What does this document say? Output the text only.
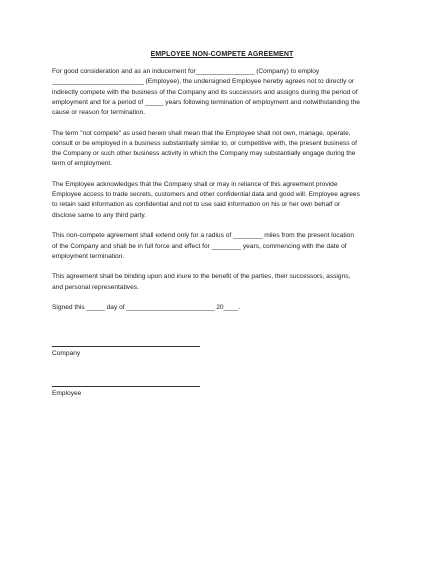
EMPLOYEE NON-COMPETE AGREEMENT

For good consideration and as an inducement for________________ (Company) to employ
_________________________ (Employee), the undersigned Employee hereby agrees not to directly or
indirectly compete with the business of the Company and its successors and assigns during the period of
employment and for a period of _____ years following termination of employment and notwithstanding the
cause or reason for termination.

The term "not compete" as used herein shall mean that the Employee shall not own, manage, operate,
consult or be employed in a business substantially similar to, or competitive with, the present business of
the Company or such other business activity in which the Company may substantially engage during the
term of employment.

The Employee acknowledges that the Company shall or may in reliance of this agreement provide
Employee access to trade secrets, customers and other confidential data and good will. Employee agrees
to retain said information as confidential and not to use said information on his or her own behalf or
disclose same to any third party.

This non-compete agreement shall extend only for a radius of ________ miles from the present location
of the Company and shall be in full force and effect for ________ years, commencing with the date of
employment termination.

This agreement shall be binding upon and inure to the benefit of the parties, their successors, assigns,
and personal representatives.

Signed this _____ day of ________________________ 20____.

Company
Employee
